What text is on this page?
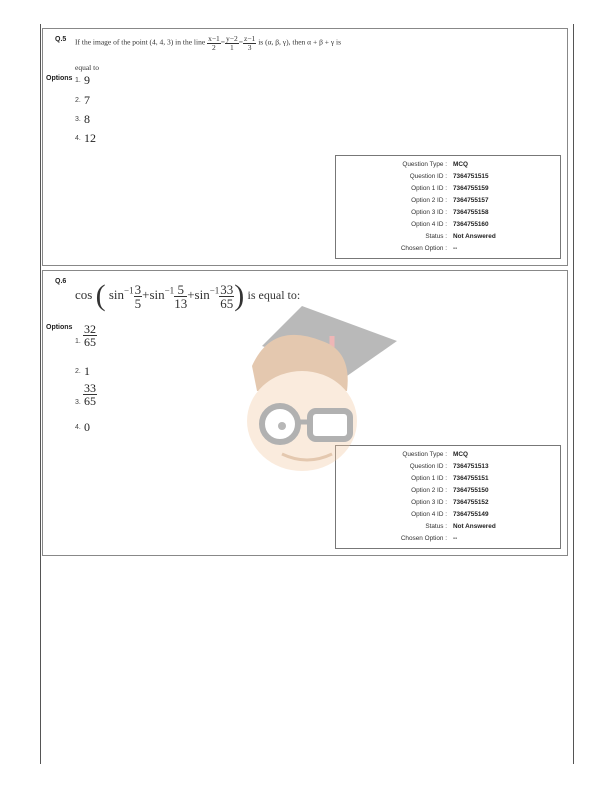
Q.5 If the image of the point (4, 4, 3) in the line $\frac{x-1}{2} = \frac{y-2}{1} = \frac{z-1}{3}$ is (α, β, γ), then α + β + γ is
equal to
Options 1. 9
2. 7
3. 8
4. 12
Question Type : MCQ
Question ID : 7364751515
Option 1 ID : 7364755159
Option 2 ID : 7364755157
Option 3 ID : 7364755158
Option 4 ID : 7364755160
Status : Not Answered
Chosen Option : --
Q.6
cos ( $\sin^{-1} \frac{3}{5} +\sin^{-1} \frac{5}{13} +\sin^{-1} \frac{33}{65}$ ) is equal to:
Options
1. $\frac{32}{65}$
2. 1
3. $\frac{33}{65}$
4. 0
Question Type : MCQ
Question ID : 7364751513
Option 1 ID : 7364755151
Option 2 ID : 7364755150
Option 3 ID : 7364755152
Option 4 ID : 7364755149
Status : Not Answered
Chosen Option : --
